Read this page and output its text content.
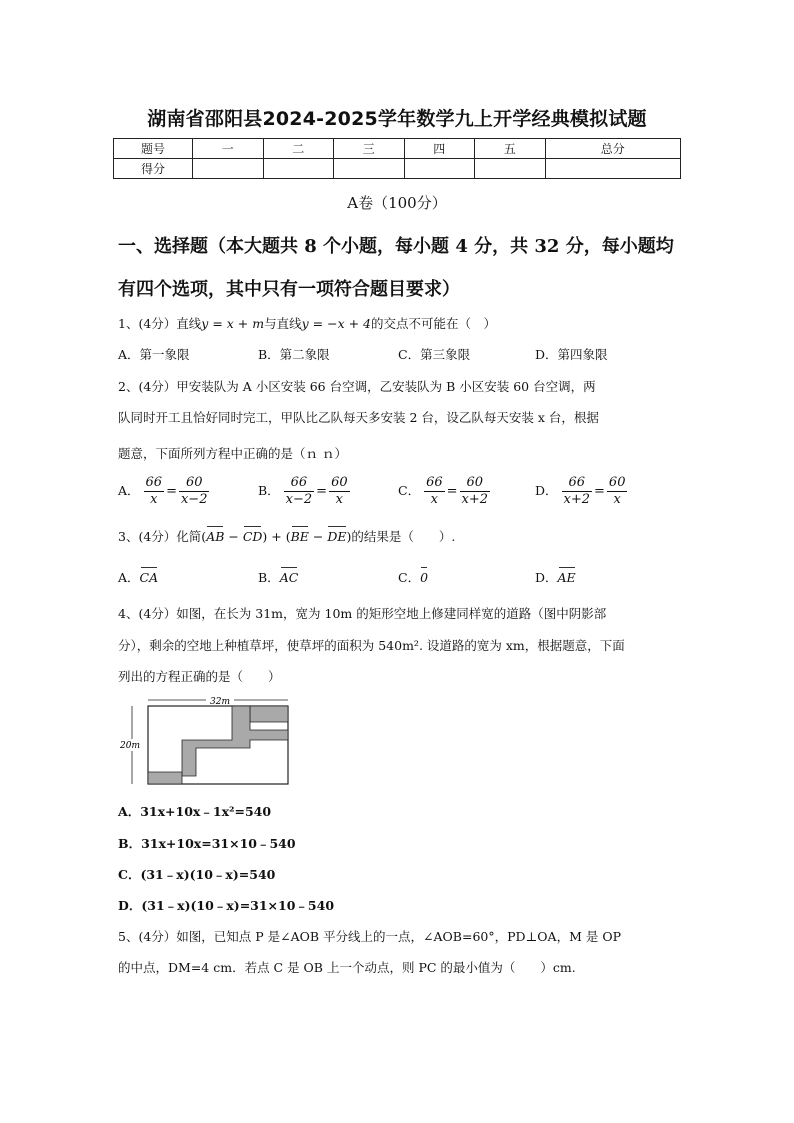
湖南省邵阳县2024-2025学年数学九上开学经典模拟试题
题号	一	二	三	四	五	总分
得分						
A卷（100分）
一、选择题（本大题共 8 个小题，每小题 4 分，共 32 分，每小题均
有四个选项，其中只有一项符合题目要求）
1、(4分）直线y = x + m与直线y = −x + 4的交点不可能在（　）
A．第一象限	B．第二象限	C．第三象限	D．第四象限
2、(4分）甲安装队为 A 小区安装 66 台空调，乙安装队为 B 小区安装 60 台空调，两
队同时开工且恰好同时完工，甲队比乙队每天多安装 2 台，设乙队每天安装 x 台，根据
题意，下面所列方程中正确的是（ｎ ｎ）
A． $\frac{66}{x} = \frac{60}{x-2}$	B． $\frac{66}{x-2} = \frac{60}{x}$	C． $\frac{66}{x} = \frac{60}{x+2}$	D． $\frac{66}{x+2} = \frac{60}{x}$
3、(4分）化简(AB − CD) + (BE − DE)的结果是（　　）.
A．CA	B．AC	C．0	D．AE
4、(4分）如图，在长为 31m，宽为 10m 的矩形空地上修建同样宽的道路（图中阴影部
分），剩余的空地上种植草坪，使草坪的面积为 540m². 设道路的宽为 xm，根据题意，下面
列出的方程正确的是（　　）
32m
20m
A．31x+10x﹣1x²=540
B．31x+10x=31×10﹣540
C．(31﹣x)(10﹣x)=540
D．(31﹣x)(10﹣x)=31×10﹣540
5、(4分）如图，已知点 P 是∠AOB 平分线上的一点，∠AOB=60°，PD⊥OA，M 是 OP
的中点，DM=4 cm．若点 C 是 OB 上一个动点，则 PC 的最小值为（　　）cm.
